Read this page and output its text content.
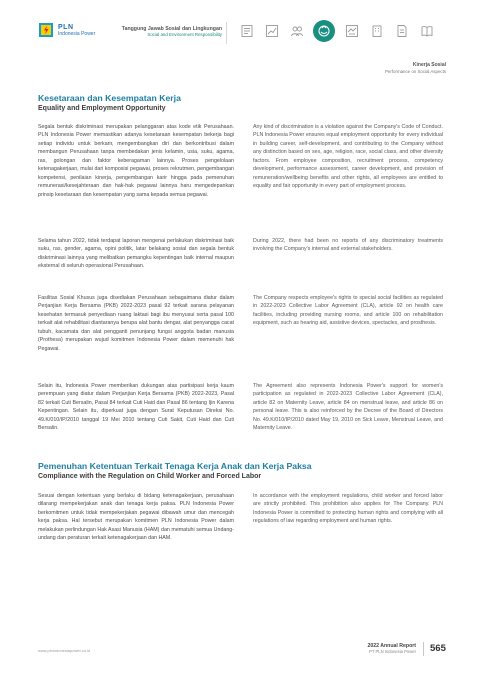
PLN
Indonesia Power
Tanggung Jawab Sosial dan Lingkungan
Social and Environment Responsibility
Kinerja Sosial
Performance on Social Aspects
Kesetaraan dan Kesempatan Kerja
Equality and Employment Opportunity

Segala bentuk diskriminasi merupakan pelanggaran atas kode etik Perusahaan. PLN Indonesia Power memastikan adanya kesetaraan kesempatan bekerja bagi setiap individu untuk berkarir, mengembangkan diri dan berkontribusi dalam membangun Perusahaan tanpa membedakan jenis kelamin, usia, suku, agama, ras, golongan dan faktor keberagaman lainnya. Proses pengelolaan ketenagakerjaan, mulai dari komposisi pegawai, proses rekrutmen, pengembangan kompetensi, penilaian kinerja, pengembangan karir hingga pada pemenuhan remunerasi/kesejahteraan dan hak-hak pegawai lainnya haru mengedepankan prinsip kesetaraan dan kesempatan yang sama kepada semua pegawai.

Any kind of discrimination is a violation against the Company's Code of Conduct. PLN Indonesia Power ensures equal employment opportunity for every individual in building career, self-development, and contributing to the Company without any distinction based on sex, age, religion, race, social class, and other diversity factors. From employee composition, recruitment process, competency development, performance assessment, career development, and provision of remuneration/wellbeing benefits and other rights, all employees are entitled to equality and fair opportunity in every part of employment process.

Selama tahun 2022, tidak terdapat laporan mengenai perlakukan diskriminasi baik suku, ras, gender, agama, opini politik, latar belakang sosial dan segala bentuk diskriminasi lainnya yang melibatkan pemangku kepentingan baik internal maupun eksternal di seluruh operasional Perusahaan.

During 2022, there had been no reports of any discriminatory treatments involving the Company's internal and external stakeholders.

Fasilitas Sosial Khusus juga disediakan Perusahaan sebagaimana diatur dalam Perjanjian Kerja Bersama (PKB) 2022-2023 pasal 92 terkait sarana pelayanan kesehatan termasuk penyediaan ruang laktasi bagi ibu menyusui serta pasal 100 terkait alat rehabilitasi diantaranya berupa alat bantu dengar, alat penyangga cacat tubuh, kacamata dan alat pengganti penunjang fungsi anggota badan manusia (Prothesa) merupakan wujud komitmen Indonesia Power dalam memenuhi hak Pegawai.

The Company respects employee's rights to special social facilities as regulated in 2022-2023 Collective Labor Agreement (CLA), article 92 on health care facilities, including providing nursing rooms, and article 100 on rehabilitation equipment, such as hearing aid, assistive devices, spectacles, and prosthesis.

Selain itu, Indonesia Power memberikan dukungan atas partisipasi kerja kaum perempuan yang diatur dalam Perjanjian Kerja Bersama (PKB) 2022-2023, Pasal 82 terkait Cuti Bersalin, Pasal 84 terkait Cuti Haid dan Pasal 86 tentang Ijin Karena Kepentingan. Selain itu, diperkuat juga dengan Surat Keputusan Direksi No. 49.K/010/IP/2010 tanggal 19 Mei 2010 tentang Cuti Sakit, Cuti Haid dan Cuti Bersalin.

The Agreement also represents Indonesia Power's support for women's participation as regulated in 2022-2023 Collective Labor Agreement (CLA), article 82 on Maternity Leave, article 84 on menstrual leave, and article 86 on personal leave. This is also reinforced by the Decree of the Board of Directors No. 49.K/010/IP/2010 dated May 19, 2010 on Sick Leave, Menstrual Leave, and Maternity Leave.

Pemenuhan Ketentuan Terkait Tenaga Kerja Anak dan Kerja Paksa
Compliance with the Regulation on Child Worker and Forced Labor

Sesuai dengan ketentuan yang berlaku di bidang ketenagakerjaan, perusahaan dilarang mempekerjakan anak dan tenaga kerja paksa. PLN Indonesia Power berkomitmen untuk tidak mempekerjakan pegawai dibawah umur dan mencegah kerja paksa. Hal tersebut merupakan komitmen PLN Indonesia Power dalam melakukan perlindungan Hak Asasi Manusia (HAM) dan mematuhi semua Undang-undang dan peraturan terkait ketenagakerjaan dan HAM.

In accordance with the employment regulations, child worker and forced labor are strictly prohibited. This prohibition also applies for The Company. PLN Indonesia Power is committed to protecting human rights and complying with all regulations of law regarding employment and human rights.

www.plnindonesiapower.co.id
2022 Annual Report
PT PLN Indonesia Power 565
